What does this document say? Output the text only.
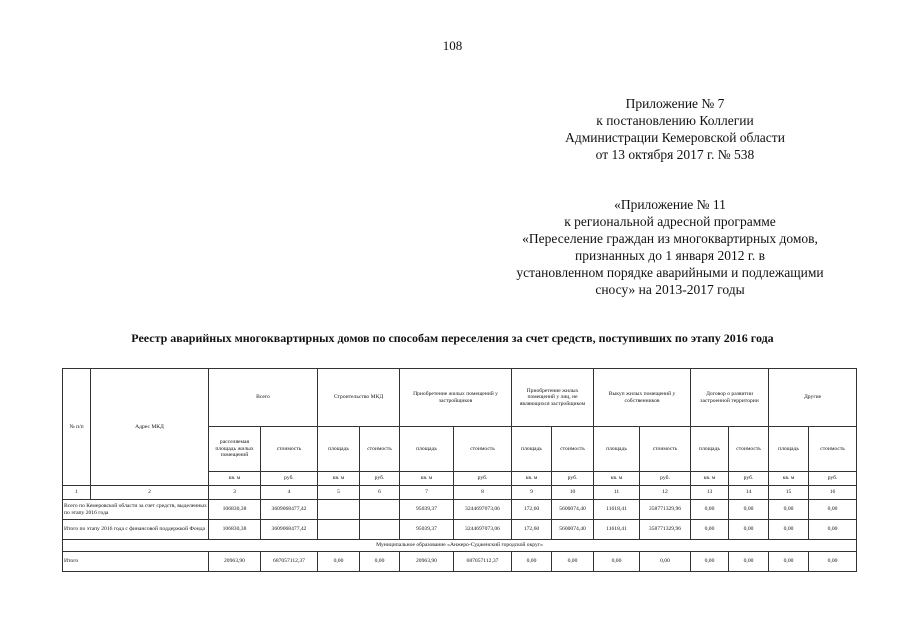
108
Приложение № 7
к постановлению Коллегии
Администрации Кемеровской области
от 13 октября 2017 г. № 538
«Приложение № 11
к региональной адресной программе
«Переселение граждан из многоквартирных домов,
признанных до 1 января 2012 г. в
установленном порядке аварийными и подлежащими
сносу» на 2013-2017 годы
Реестр аварийных многоквартирных домов по способам переселения за счет средств, поступивших по этапу 2016 года
№ п/п	Адрес МКД	Всего		Строительство МКД		Приобретение жилых помещений у застройщиков		Приобретение жилых помещений у лиц, не являющихся застройщиком		Выкуп жилых помещений у собственников		Договор о развитии застроенной территории		Другие	
		расселяемая площадь жилых помещений	стоимость	площадь	стоимость	площадь	стоимость	площадь	стоимость	площадь	стоимость	площадь	стоимость	площадь	стоимость
		кв. м	руб.	кв. м	руб.	кв. м	руб.	кв. м	руб.	кв. м	руб.	кв. м	руб.	кв. м	руб.
1	2	3	4	5	6	7	8	9	10	11	12	13	14	15	16
Всего по Кемеровской области за счет средств, выделенных по этапу 2016 года		106830,38	3609068477,42			95039,37	3244697073,06	172,60	5600074,40	11618,41	358771329,96	0,00	0,00	0,00	0,00
Итого по этапу 2016 года с финансовой поддержкой Фонда		106830,38	3609068477,42			95039,37	3244697073,06	172,60	5600074,40	11618,41	358771329,96	0,00	0,00	0,00	0,00
Муниципальное образование «Анжеро-Судженский городской округ»															
Итого		20963,90	687057112,37	0,00	0,00	20963,90	687057112,37	0,00	0,00	0,00	0,00	0,00	0,00	0,00	0,00
